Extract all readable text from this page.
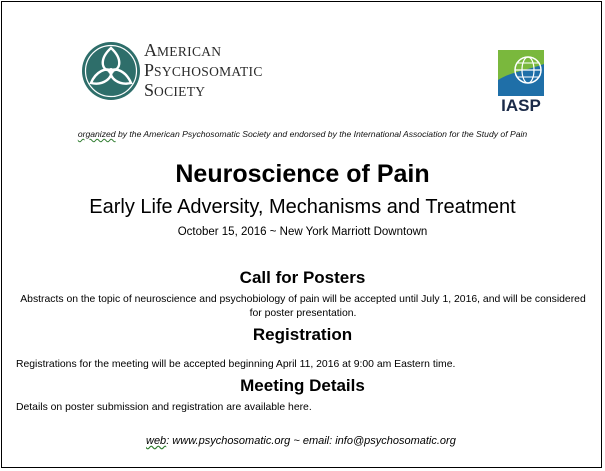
AMERICAN
PSYCHOSOMATIC
SOCIETY
IASP
organized by the American Psychosomatic Society and endorsed by the International Association for the Study of Pain
Neuroscience of Pain
Early Life Adversity, Mechanisms and Treatment
October 15, 2016 ~ New York Marriott Downtown
Call for Posters
Abstracts on the topic of neuroscience and psychobiology of pain will be accepted until July 1, 2016, and will be considered for poster presentation.
Registration
Registrations for the meeting will be accepted beginning April 11, 2016 at 9:00 am Eastern time.
Meeting Details
Details on poster submission and registration are available here.
web: www.psychosomatic.org ~ email: info@psychosomatic.org
